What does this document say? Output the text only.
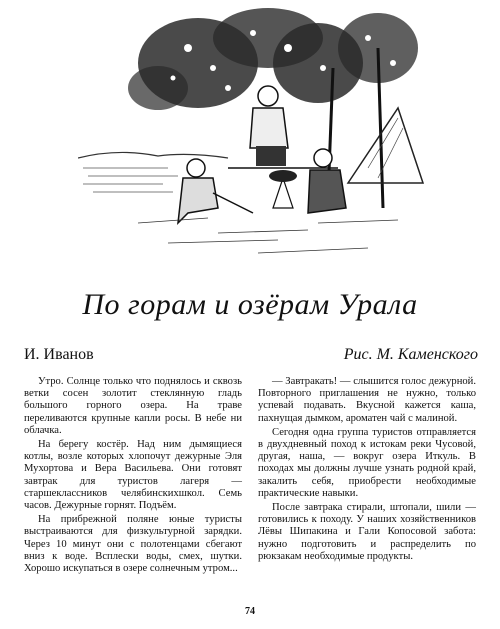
По горам и озёрам Урала
И. Иванов	Рис. М. Каменского

Утро. Солнце только что поднялось и сквозь ветки сосен золотит стеклянную гладь большого горного озера. На траве переливаются крупные капли росы. В небе ни облачка.

На берегу костёр. Над ним дымящиеся котлы, возле которых хлопочут дежурные Эля Мухортова и Вера Васильева. Они готовят завтрак для туристов лагеря — старшеклассников челябинскихшкол. Семь часов. Дежурные горнят. Подъём.

На прибрежной поляне юные туристы выстраиваются для физкультурной зарядки. Через 10 минут они с полотенцами сбегают вниз к воде. Всплески воды, смех, шутки. Хорошо искупаться в озере солнечным утром...

— Завтракать! — слышится голос дежурной. Повторного приглашения не нужно, только успевай подавать. Вкусной кажется каша, пахнущая дымком, ароматен чай с малиной.

Сегодня одна группа туристов отправляется в двухдневный поход к истокам реки Чусовой, другая, наша, — вокруг озера Иткуль. В походах мы должны лучше узнать родной край, закалить себя, приобрести необходимые практические навыки.

После завтрака стирали, штопали, шили — готовились к походу. У наших хозяйственников Лёвы Шипакина и Гали Копосовой забота: нужно подготовить и распределить по рюкзакам необходимые продукты.

74
